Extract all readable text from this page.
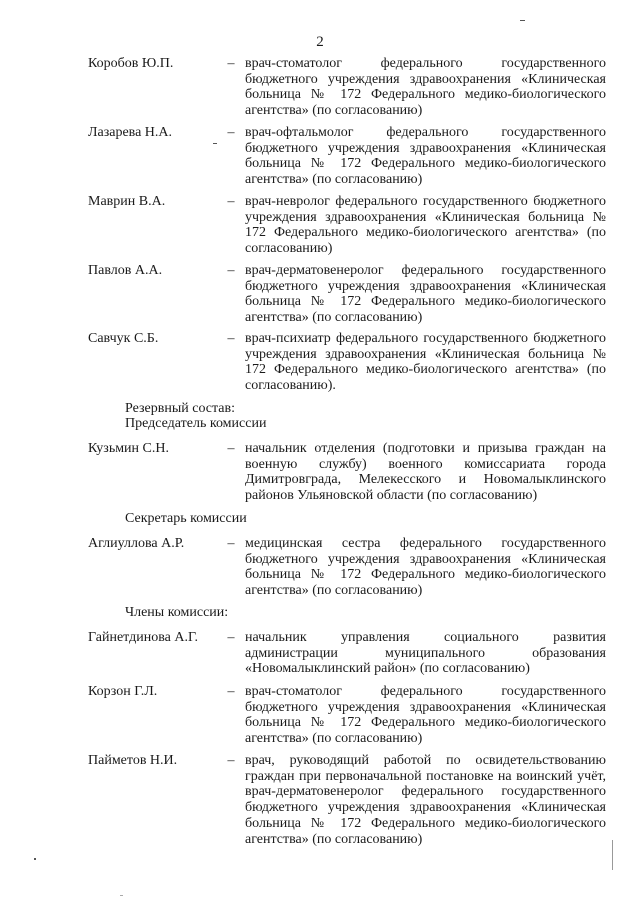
2
Коробов Ю.П.	– врач-стоматолог федерального государственного бюджетного учреждения здравоохранения «Клиническая больница № 172 Федерального медико-биологического агентства» (по согласованию)
Лазарева Н.А.	– врач-офтальмолог федерального государственного бюджетного учреждения здравоохранения «Клиническая больница № 172 Федерального медико-биологического агентства» (по согласованию)
Маврин В.А.	– врач-невролог федерального государственного бюджетного учреждения здравоохранения «Клиническая больница № 172 Федерального медико-биологического агентства» (по согласованию)
Павлов А.А.	– врач-дерматовенеролог федерального государственного бюджетного учреждения здравоохранения «Клиническая больница № 172 Федерального медико-биологического агентства» (по согласованию)
Савчук С.Б.	– врач-психиатр федерального государственного бюджетного учреждения здравоохранения «Клиническая больница № 172 Федерального медико-биологического агентства» (по согласованию).
Резервный состав:
Председатель комиссии
Кузьмин С.Н.	– начальник отделения (подготовки и призыва граждан на военную службу) военного комиссариата города Димитровграда, Мелекесского и Новомалыклинского районов Ульяновской области (по согласованию)
Секретарь комиссии
Аглиуллова А.Р.	– медицинская сестра федерального государственного бюджетного учреждения здравоохранения «Клиническая больница № 172 Федерального медико-биологического агентства» (по согласованию)
Члены комиссии:
Гайнетдинова А.Г.	– начальник управления социального развития администрации муниципального образования «Новомалыклинский район» (по согласованию)
Корзон Г.Л.	– врач-стоматолог федерального государственного бюджетного учреждения здравоохранения «Клиническая больница № 172 Федерального медико-биологического агентства» (по согласованию)
Пайметов Н.И.	– врач, руководящий работой по освидетельствованию граждан при первоначальной постановке на воинский учёт, врач-дерматовенеролог федерального государственного бюджетного учреждения здравоохранения «Клиническая больница № 172 Федерального медико-биологического агентства» (по согласованию)
